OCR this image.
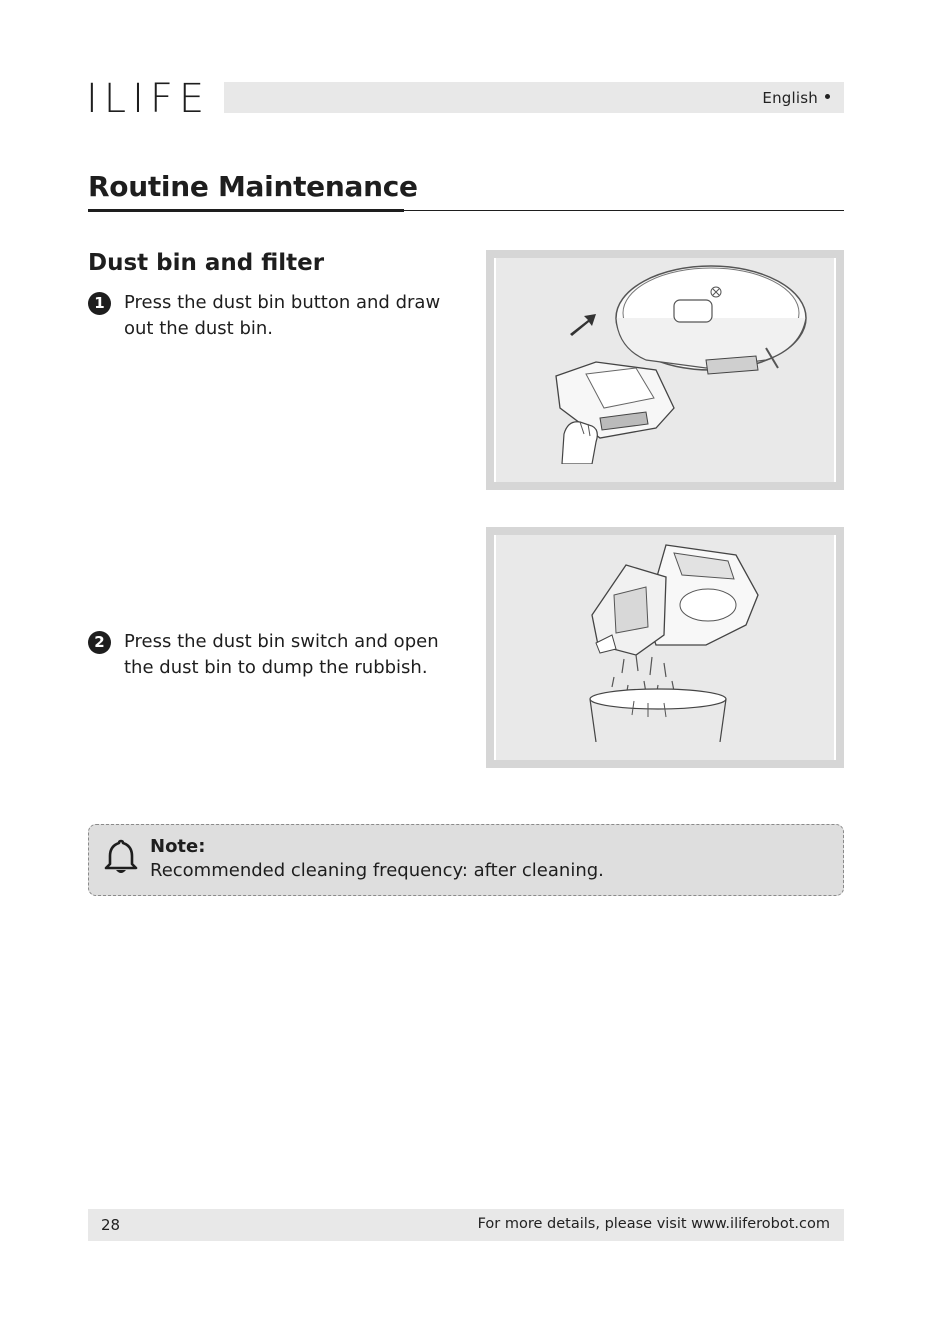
ILIFE	English
Routine Maintenance
Dust bin and filter
1	Press the dust bin button and draw out the dust bin.
2	Press the dust bin switch and open the dust bin to dump the rubbish.
Note:
Recommended cleaning frequency: after cleaning.
28	For more details, please visit www.iliferobot.com
